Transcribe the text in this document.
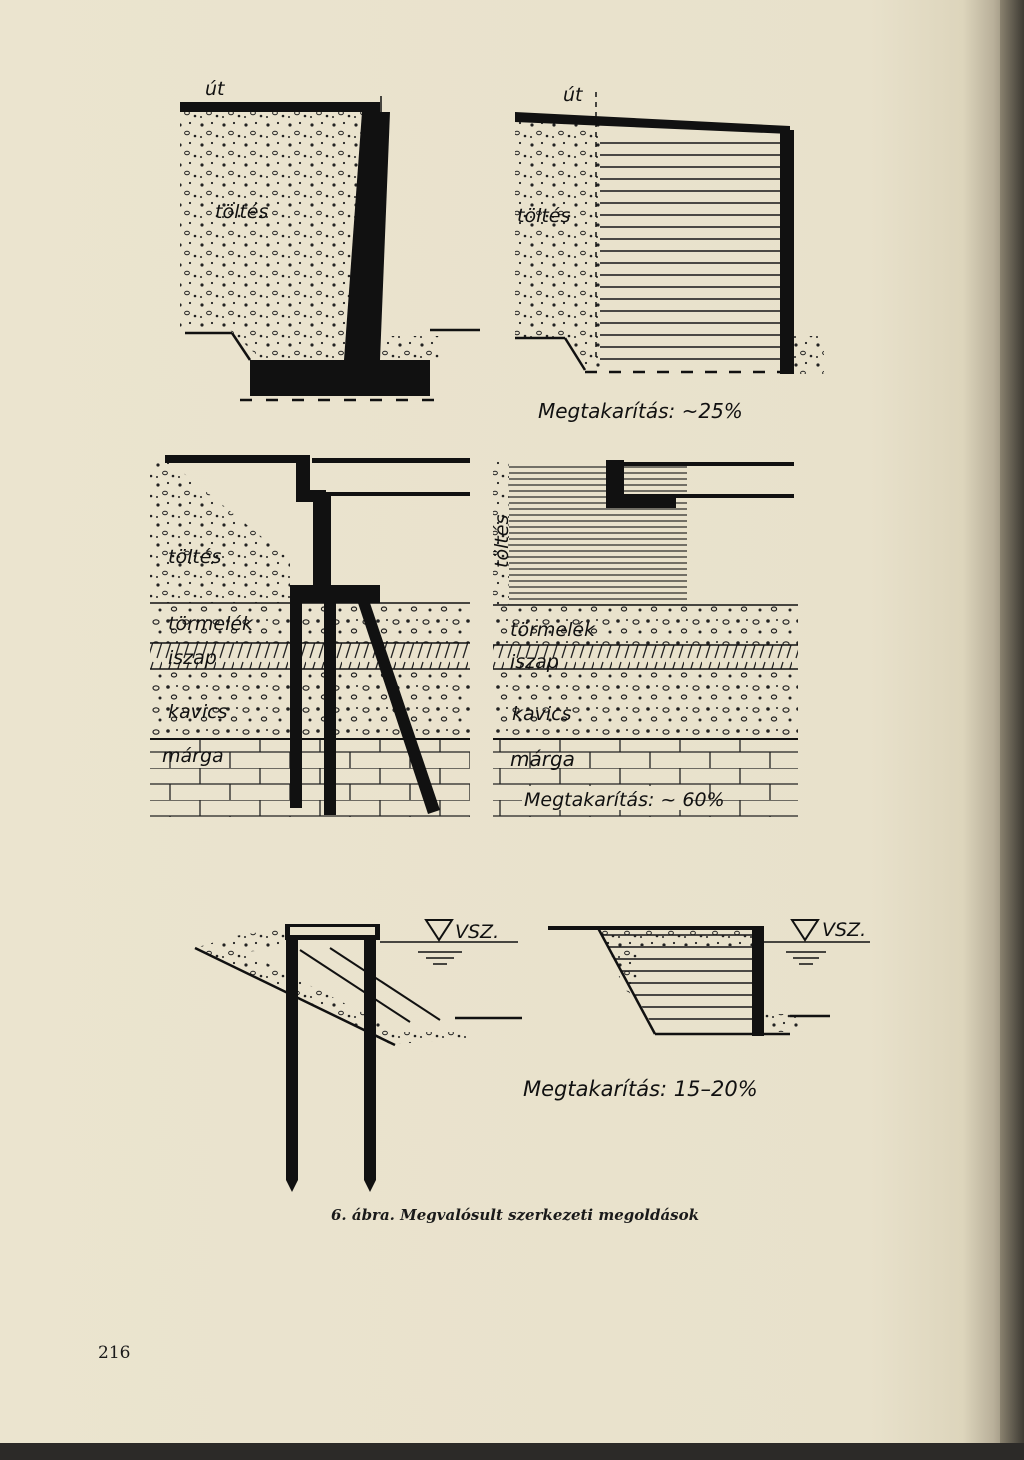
út
töltés
út
töltés
Megtakarítás: ~25%
töltés
törmelék
iszap
kavics
márga
töltés
törmelék
iszap
kavics
márga
Megtakarítás: ~ 60%
VSZ.	VSZ.
Megtakarítás: 15–20%
6. ábra. Megvalósult szerkezeti megoldások
216
